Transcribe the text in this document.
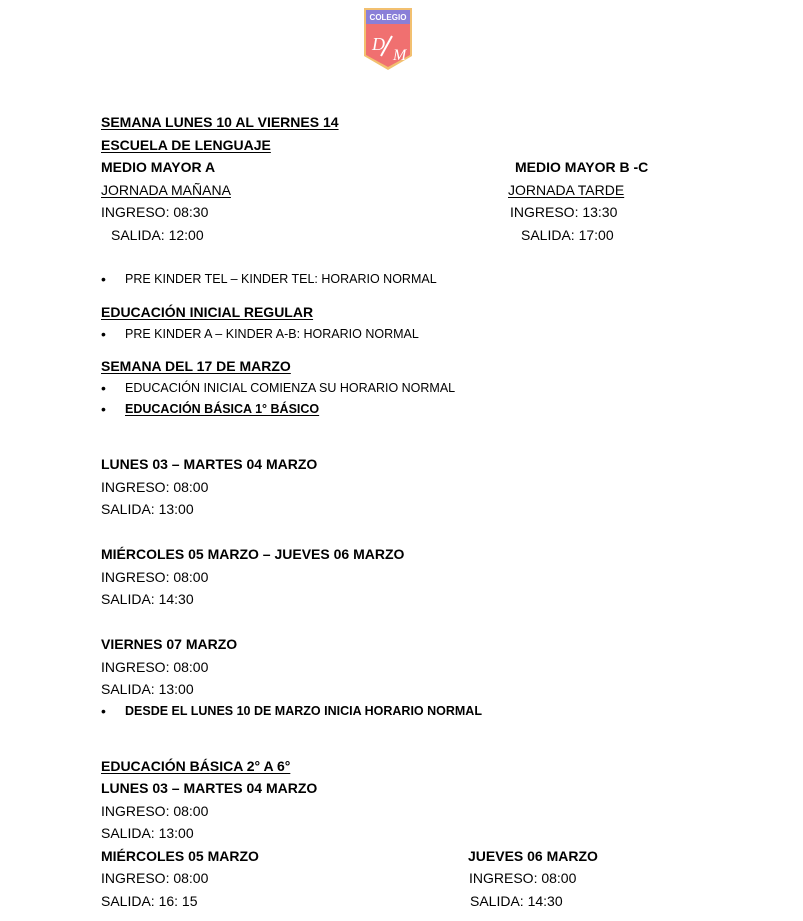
COLEGIO
D
M
SEMANA LUNES 10 AL VIERNES 14
ESCUELA DE LENGUAJE
MEDIO MAYOR A	MEDIO MAYOR B -C
JORNADA MAÑANA	JORNADA TARDE
INGRESO: 08:30	INGRESO: 13:30
SALIDA: 12:00	SALIDA: 17:00
• PRE KINDER TEL – KINDER TEL: HORARIO NORMAL
EDUCACIÓN INICIAL REGULAR
• PRE KINDER A – KINDER A-B: HORARIO NORMAL
SEMANA DEL 17 DE MARZO
• EDUCACIÓN INICIAL COMIENZA SU HORARIO NORMAL
• EDUCACIÓN BÁSICA 1° BÁSICO
LUNES 03 – MARTES 04 MARZO
INGRESO: 08:00
SALIDA: 13:00
MIÉRCOLES 05 MARZO – JUEVES 06 MARZO
INGRESO: 08:00
SALIDA: 14:30
VIERNES 07 MARZO
INGRESO: 08:00
SALIDA: 13:00
• DESDE EL LUNES 10 DE MARZO INICIA HORARIO NORMAL
EDUCACIÓN BÁSICA 2° A 6°
LUNES 03 – MARTES 04 MARZO
INGRESO: 08:00
SALIDA: 13:00
MIÉRCOLES 05 MARZO	JUEVES 06 MARZO
INGRESO: 08:00	INGRESO: 08:00
SALIDA: 16: 15	SALIDA: 14:30
